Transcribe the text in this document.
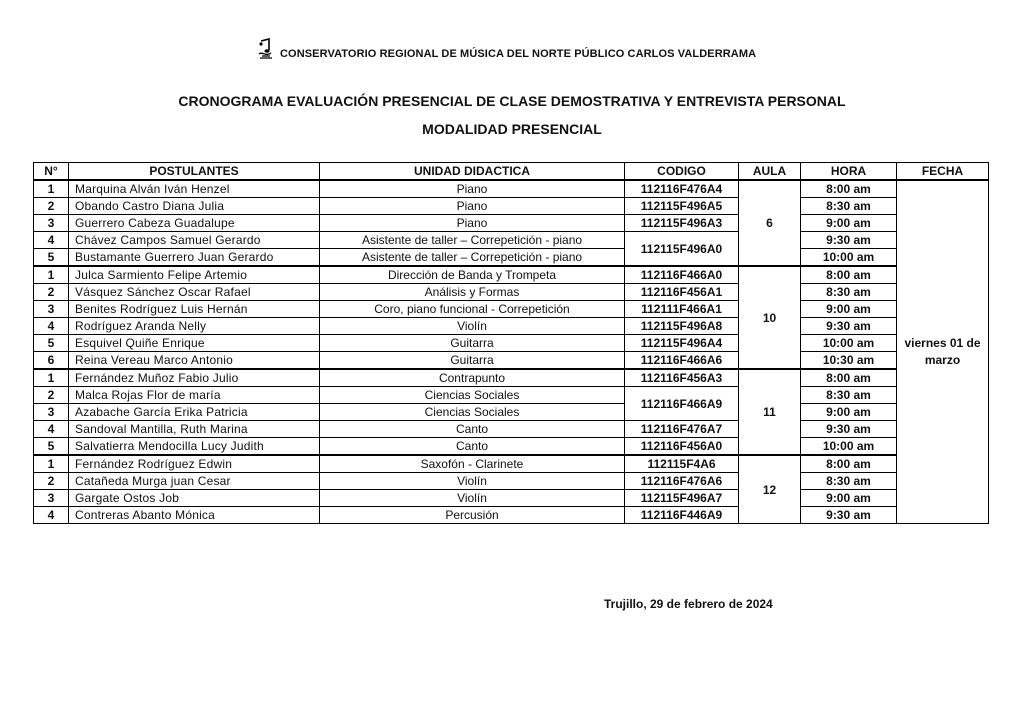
CONSERVATORIO REGIONAL DE MÚSICA DEL NORTE PÚBLICO CARLOS VALDERRAMA
CRONOGRAMA EVALUACIÓN PRESENCIAL DE CLASE DEMOSTRATIVA Y ENTREVISTA PERSONAL
MODALIDAD PRESENCIAL
N°	POSTULANTES	UNIDAD DIDACTICA	CODIGO	AULA	HORA	FECHA
1	Marquina Alván Iván Henzel	Piano	112116F476A4	6	8:00 am	viernes 01 de marzo
2	Obando Castro Diana Julia	Piano	112115F496A5		8:30 am	
3	Guerrero Cabeza Guadalupe	Piano	112115F496A3		9:00 am	
4	Chávez Campos Samuel Gerardo	Asistente de taller – Correpetición - piano	112115F496A0		9:30 am	
5	Bustamante Guerrero Juan Gerardo	Asistente de taller – Correpetición - piano			10:00 am	
1	Julca Sarmiento Felipe Artemio	Dirección de Banda y Trompeta	112116F466A0	10	8:00 am	
2	Vásquez Sánchez Oscar Rafael	Análisis y Formas	112116F456A1		8:30 am	
3	Benites Rodríguez Luis Hernán	Coro, piano funcional - Correpetición	112111F466A1		9:00 am	
4	Rodríguez Aranda Nelly	Violín	112115F496A8		9:30 am	
5	Esquivel Quiñe Enrique	Guitarra	112115F496A4		10:00 am	
6	Reina Vereau Marco Antonio	Guitarra	112116F466A6		10:30 am	
1	Fernández Muñoz Fabio Julio	Contrapunto	112116F456A3	11	8:00 am	
2	Malca Rojas Flor de maría	Ciencias Sociales	112116F466A9		8:30 am	
3	Azabache García Erika Patricia	Ciencias Sociales			9:00 am	
4	Sandoval Mantilla, Ruth Marina	Canto	112116F476A7		9:30 am	
5	Salvatierra Mendocilla Lucy Judith	Canto	112116F456A0		10:00 am	
1	Fernández Rodríguez Edwin	Saxofón - Clarinete	112115F4A6	12	8:00 am	
2	Catañeda Murga juan Cesar	Violín	112116F476A6		8:30 am	
3	Gargate Ostos Job	Violín	112115F496A7		9:00 am	
4	Contreras Abanto Mónica	Percusión	112116F446A9		9:30 am	
Trujillo, 29 de febrero de 2024
